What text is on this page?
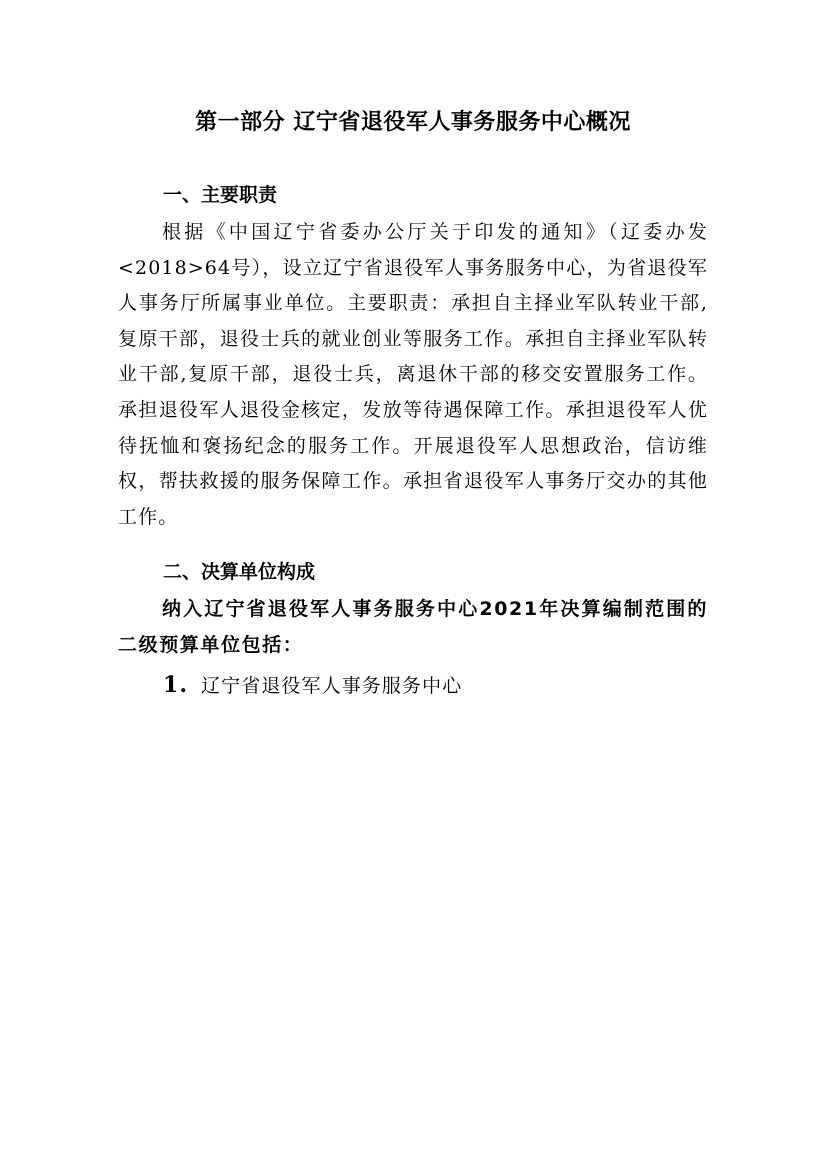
第一部分 辽宁省退役军人事务服务中心概况
一、主要职责
根据《中国辽宁省委办公厅关于印发的通知》（辽委办发<2018>64号），设立辽宁省退役军人事务服务中心，为省退役军人事务厅所属事业单位。主要职责：承担自主择业军队转业干部,复原干部，退役士兵的就业创业等服务工作。承担自主择业军队转业干部,复原干部，退役士兵，离退休干部的移交安置服务工作。承担退役军人退役金核定，发放等待遇保障工作。承担退役军人优待抚恤和褒扬纪念的服务工作。开展退役军人思想政治，信访维权，帮扶救援的服务保障工作。承担省退役军人事务厅交办的其他工作。
二、决算单位构成
纳入辽宁省退役军人事务服务中心2021年决算编制范围的二级预算单位包括：
1. 辽宁省退役军人事务服务中心
